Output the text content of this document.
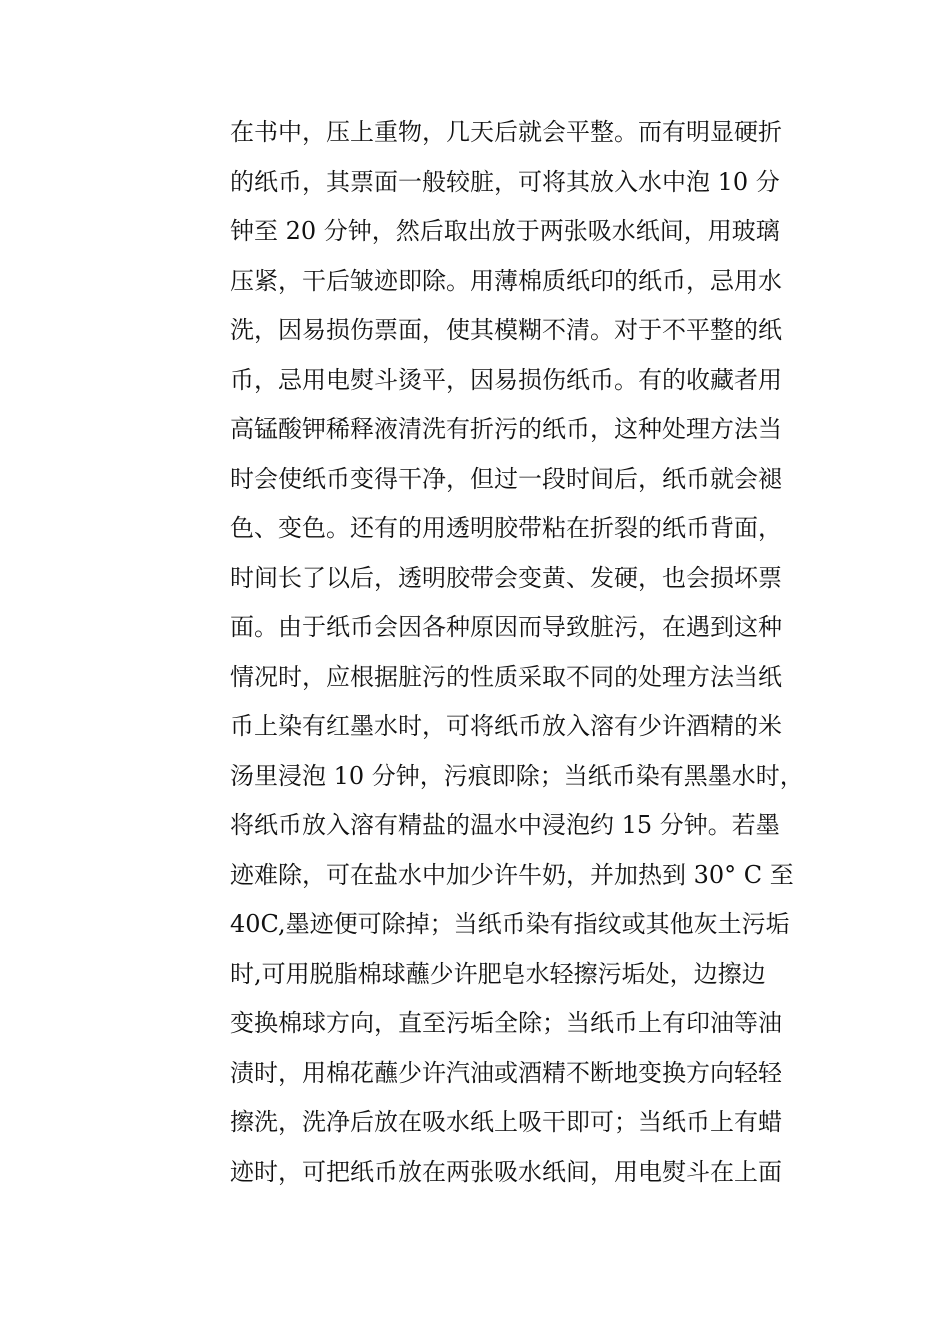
在书中，压上重物，几天后就会平整。而有明显硬折
的纸币，其票面一般较脏，可将其放入水中泡 10 分
钟至 20 分钟，然后取出放于两张吸水纸间，用玻璃
压紧，干后皱迹即除。用薄棉质纸印的纸币，忌用水
洗，因易损伤票面，使其模糊不清。对于不平整的纸
币，忌用电熨斗烫平，因易损伤纸币。有的收藏者用
高锰酸钾稀释液清洗有折污的纸币，这种处理方法当
时会使纸币变得干净，但过一段时间后，纸币就会褪
色、变色。还有的用透明胶带粘在折裂的纸币背面，
时间长了以后，透明胶带会变黄、发硬，也会损坏票
面。由于纸币会因各种原因而导致脏污，在遇到这种
情况时，应根据脏污的性质采取不同的处理方法当纸
币上染有红墨水时，可将纸币放入溶有少许酒精的米
汤里浸泡 10 分钟，污痕即除；当纸币染有黑墨水时，
将纸币放入溶有精盐的温水中浸泡约 15 分钟。若墨
迹难除，可在盐水中加少许牛奶，并加热到 30° C 至
40C,墨迹便可除掉；当纸币染有指纹或其他灰土污垢
时,可用脱脂棉球蘸少许肥皂水轻擦污垢处，边擦边
变换棉球方向，直至污垢全除；当纸币上有印油等油
渍时，用棉花蘸少许汽油或酒精不断地变换方向轻轻
擦洗，洗净后放在吸水纸上吸干即可；当纸币上有蜡
迹时，可把纸币放在两张吸水纸间，用电熨斗在上面
